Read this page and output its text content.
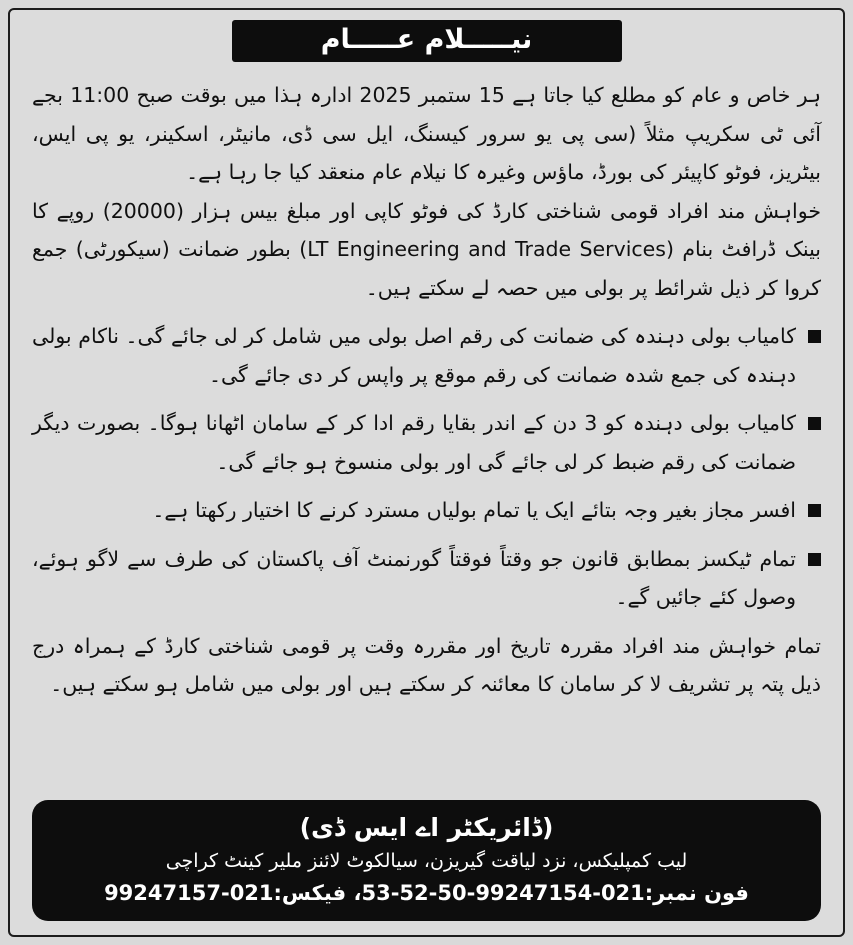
نیـــــلام عـــــام

ہر خاص و عام کو مطلع کیا جاتا ہے 15 ستمبر 2025 ادارہ ہذا میں بوقت صبح 11:00 بجے آئی ٹی سکریپ مثلاً (سی پی یو سرور کیسنگ، ایل سی ڈی، مانیٹر، اسکینر، یو پی ایس، بیٹریز، فوٹو کاپیئر کی بورڈ، ماؤس وغیرہ کا نیلام عام منعقد کیا جا رہا ہے۔

خواہش مند افراد قومی شناختی کارڈ کی فوٹو کاپی اور مبلغ بیس ہزار (20000) روپے کا بینک ڈرافٹ بنام (LT Engineering and Trade Services) بطور ضمانت (سیکورٹی) جمع کروا کر ذیل شرائط پر بولی میں حصہ لے سکتے ہیں۔

کامیاب بولی دہندہ کی ضمانت کی رقم اصل بولی میں شامل کر لی جائے گی۔ ناکام بولی دہندہ کی جمع شدہ ضمانت کی رقم موقع پر واپس کر دی جائے گی۔
کامیاب بولی دہندہ کو 3 دن کے اندر بقایا رقم ادا کر کے سامان اٹھانا ہوگا۔ بصورت دیگر ضمانت کی رقم ضبط کر لی جائے گی اور بولی منسوخ ہو جائے گی۔
افسر مجاز بغیر وجہ بتائے ایک یا تمام بولیاں مسترد کرنے کا اختیار رکھتا ہے۔
تمام ٹیکسز بمطابق قانون جو وقتاً فوقتاً گورنمنٹ آف پاکستان کی طرف سے لاگو ہوئے، وصول کئے جائیں گے۔

تمام خواہش مند افراد مقررہ تاریخ اور مقررہ وقت پر قومی شناختی کارڈ کے ہمراہ درج ذیل پتہ پر تشریف لا کر سامان کا معائنہ کر سکتے ہیں اور بولی میں شامل ہو سکتے ہیں۔

(ڈائریکٹر اے ایس ڈی)
لیب کمپلیکس، نزد لیاقت گیریزن، سیالکوٹ لائنز ملیر کینٹ کراچی
فون نمبر:021-99247154-50-52-53، فیکس:021-99247157
